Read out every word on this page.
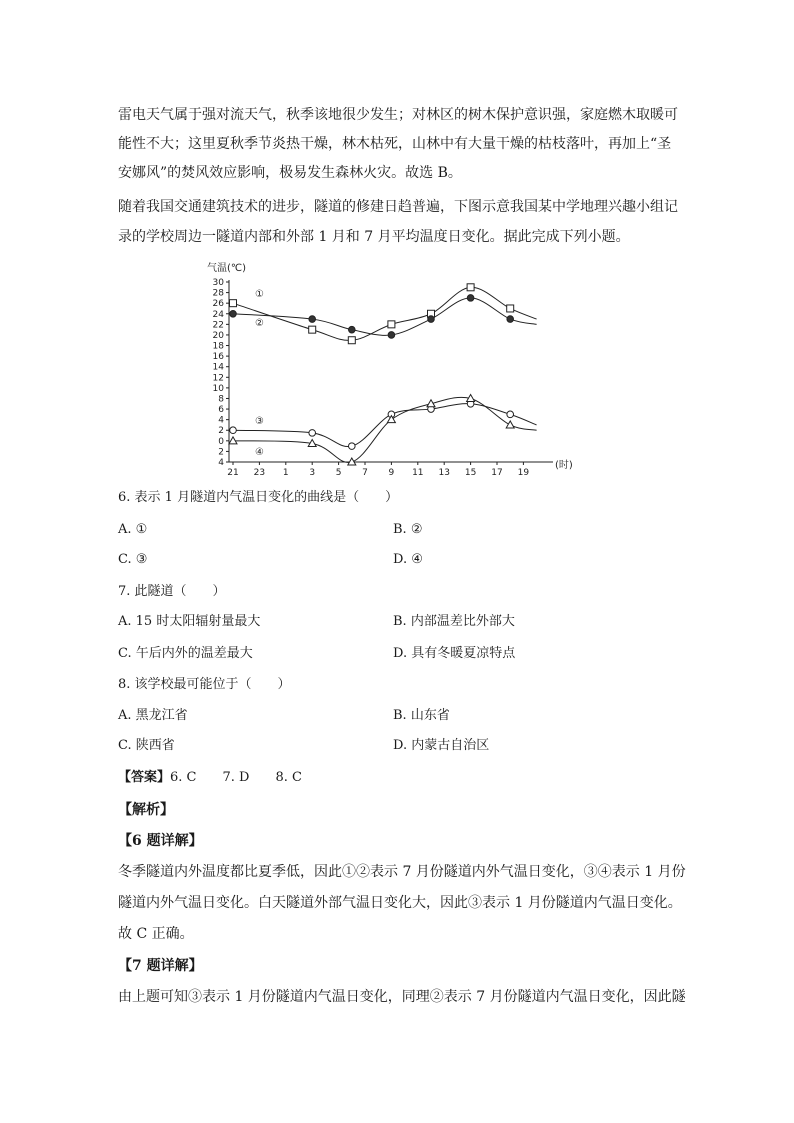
雷电天气属于强对流天气，秋季该地很少发生；对林区的树木保护意识强，家庭燃木取暖可
能性不大；这里夏秋季节炎热干燥，林木枯死，山林中有大量干燥的枯枝落叶，再加上“圣
安娜风”的焚风效应影响，极易发生森林火灾。故选 B。
随着我国交通建筑技术的进步，隧道的修建日趋普遍，下图示意我国某中学地理兴趣小组记
录的学校周边一隧道内部和外部 1 月和 7 月平均温度日变化。据此完成下列小题。
气温(℃)
30
28
26
24
22
20
18
16
14
12
10
8
6
4
2
0
2
4
21 23 1 3 5 7 9 11 13 15 17 19
(时)
①
②
③
④
6. 表示 1 月隧道内气温日变化的曲线是（　　）
A. ①	B. ②
C. ③	D. ④
7. 此隧道（　　）
A. 15 时太阳辐射量最大	B. 内部温差比外部大
C. 午后内外的温差最大	D. 具有冬暖夏凉特点
8. 该学校最可能位于（　　）
A. 黑龙江省	B. 山东省
C. 陕西省	D. 内蒙古自治区
【答案】6. C　　7. D　　8. C
【解析】
【6 题详解】
冬季隧道内外温度都比夏季低，因此①②表示 7 月份隧道内外气温日变化，③④表示 1 月份
隧道内外气温日变化。白天隧道外部气温日变化大，因此③表示 1 月份隧道内气温日变化。
故 C 正确。
【7 题详解】
由上题可知③表示 1 月份隧道内气温日变化，同理②表示 7 月份隧道内气温日变化，因此隧
